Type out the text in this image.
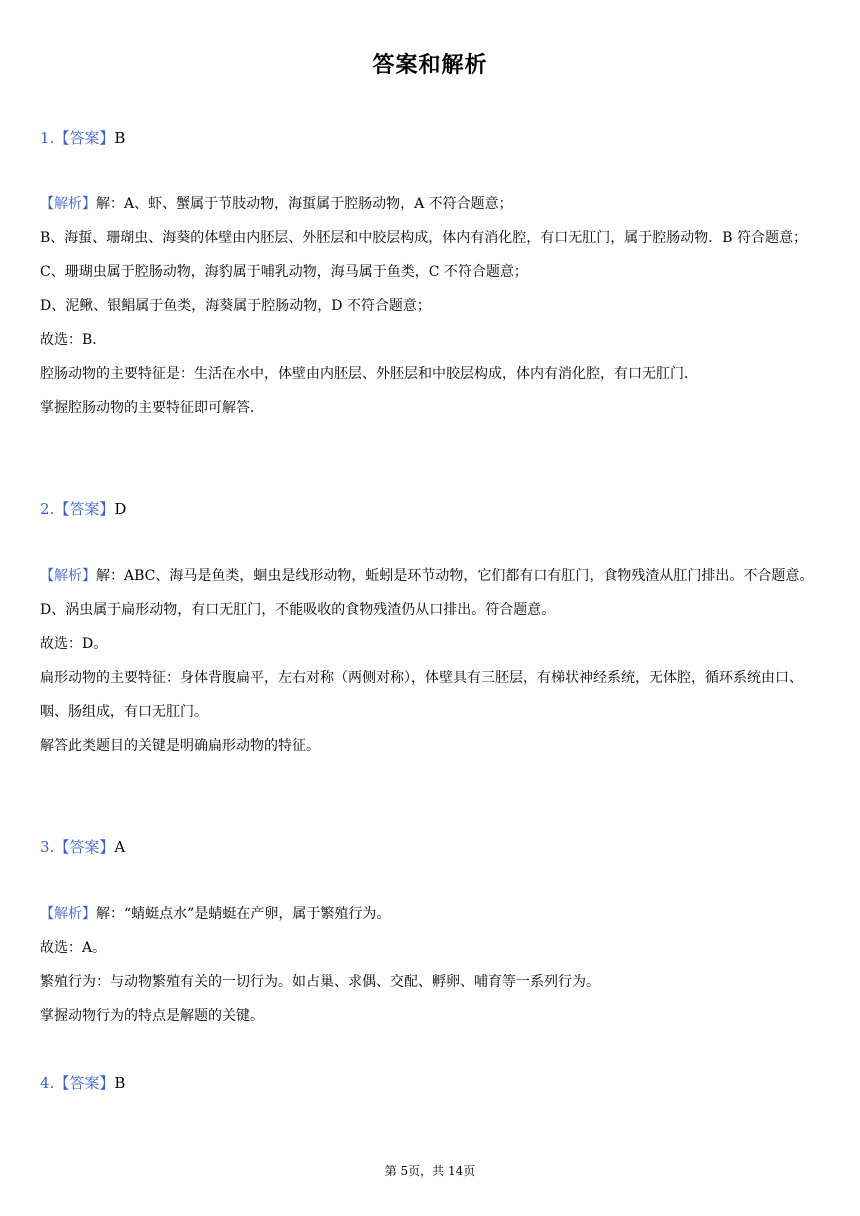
答案和解析
1.【答案】B

【解析】解：A、虾、蟹属于节肢动物，海蜇属于腔肠动物，A 不符合题意；

B、海蜇、珊瑚虫、海葵的体壁由内胚层、外胚层和中胶层构成，体内有消化腔，有口无肛门，属于腔肠动物．B 符合题意；

C、珊瑚虫属于腔肠动物，海豹属于哺乳动物，海马属于鱼类，C 不符合题意；

D、泥鳅、银鲳属于鱼类，海葵属于腔肠动物，D 不符合题意；

故选：B．

腔肠动物的主要特征是：生活在水中，体壁由内胚层、外胚层和中胶层构成，体内有消化腔，有口无肛门．

掌握腔肠动物的主要特征即可解答．

2.【答案】D

【解析】解：ABC、海马是鱼类，蛔虫是线形动物，蚯蚓是环节动物，它们都有口有肛门，食物残渣从肛门排出。不合题意。

D、涡虫属于扁形动物，有口无肛门，不能吸收的食物残渣仍从口排出。符合题意。

故选：D。

扁形动物的主要特征：身体背腹扁平，左右对称（两侧对称），体壁具有三胚层，有梯状神经系统，无体腔，循环系统由口、咽、肠组成，有口无肛门。

解答此类题目的关键是明确扁形动物的特征。

3.【答案】A

【解析】解：“蜻蜓点水”是蜻蜓在产卵，属于繁殖行为。

故选：A。

繁殖行为：与动物繁殖有关的一切行为。如占巢、求偶、交配、孵卵、哺育等一系列行为。

掌握动物行为的特点是解题的关键。

4.【答案】B
第 5页，共 14页
